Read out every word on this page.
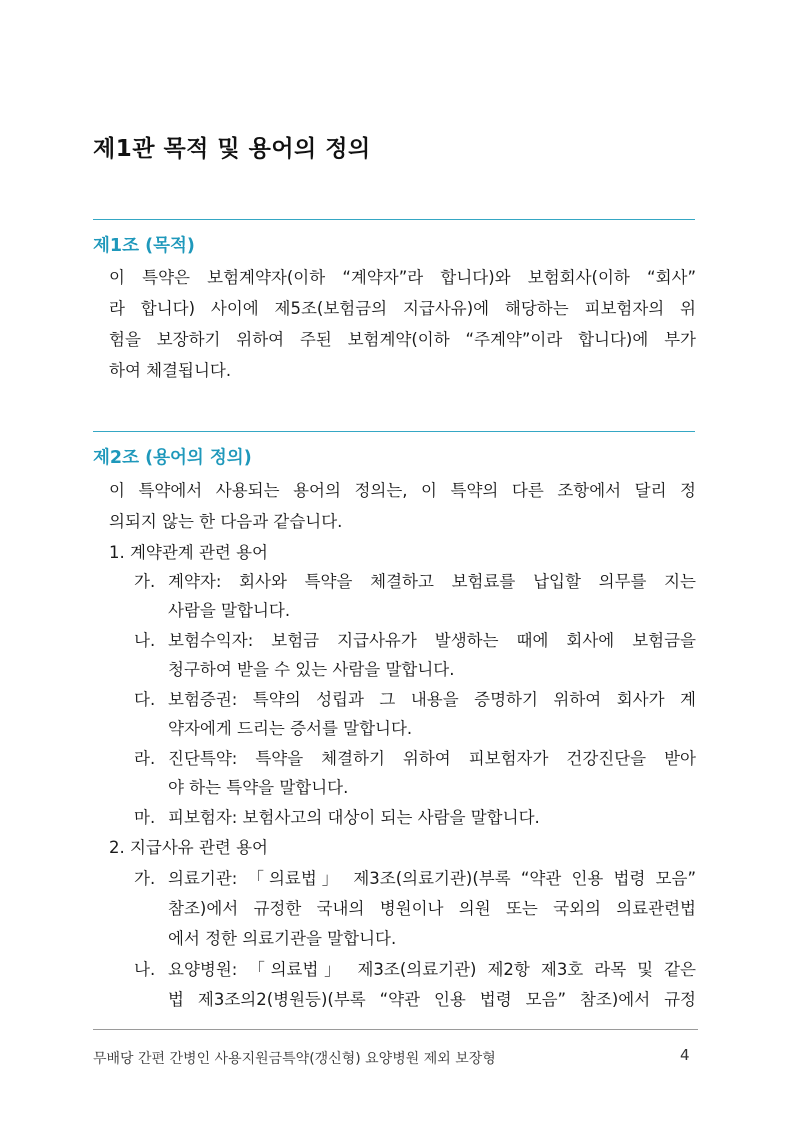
제1관 목적 및 용어의 정의
제1조 (목적)
이 특약은 보험계약자(이하 “계약자”라 합니다)와 보험회사(이하 “회사”
라 합니다) 사이에 제5조(보험금의 지급사유)에 해당하는 피보험자의 위
험을 보장하기 위하여 주된 보험계약(이하 “주계약”이라 합니다)에 부가
하여 체결됩니다.
제2조 (용어의 정의)
이 특약에서 사용되는 용어의 정의는, 이 특약의 다른 조항에서 달리 정
의되지 않는 한 다음과 같습니다.
1. 계약관계 관련 용어
가. 계약자: 회사와 특약을 체결하고 보험료를 납입할 의무를 지는
사람을 말합니다.
나. 보험수익자: 보험금 지급사유가 발생하는 때에 회사에 보험금을
청구하여 받을 수 있는 사람을 말합니다.
다. 보험증권: 특약의 성립과 그 내용을 증명하기 위하여 회사가 계
약자에게 드리는 증서를 말합니다.
라. 진단특약: 특약을 체결하기 위하여 피보험자가 건강진단을 받아
야 하는 특약을 말합니다.
마. 피보험자: 보험사고의 대상이 되는 사람을 말합니다.
2. 지급사유 관련 용어
가. 의료기관: 「의료법」 제3조(의료기관)(부록 “약관 인용 법령 모음”
참조)에서 규정한 국내의 병원이나 의원 또는 국외의 의료관련법
에서 정한 의료기관을 말합니다.
나. 요양병원: 「의료법」 제3조(의료기관) 제2항 제3호 라목 및 같은
법 제3조의2(병원등)(부록 “약관 인용 법령 모음” 참조)에서 규정
무배당 간편 간병인 사용지원금특약(갱신형) 요양병원 제외 보장형	4
